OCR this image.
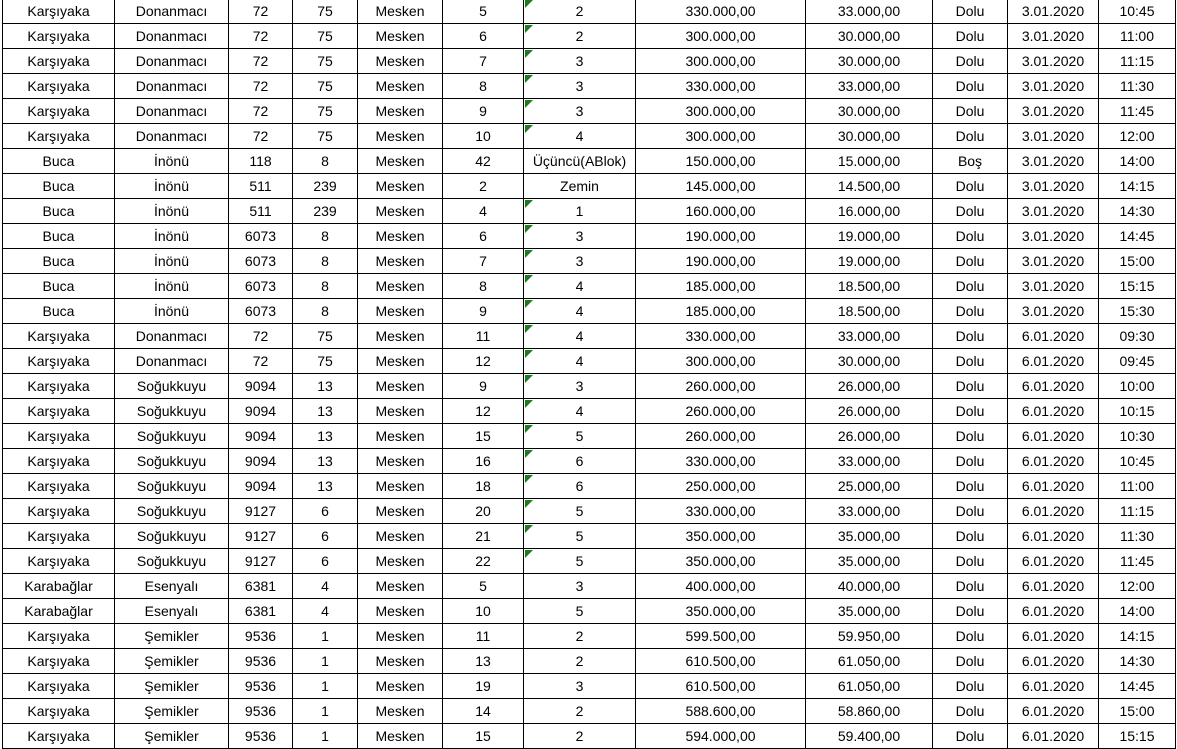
Karşıyaka	Donanmacı	72	75	Mesken	5	2	330.000,00	33.000,00	Dolu	3.01.2020	10:45
Karşıyaka	Donanmacı	72	75	Mesken	6	2	300.000,00	30.000,00	Dolu	3.01.2020	11:00
Karşıyaka	Donanmacı	72	75	Mesken	7	3	300.000,00	30.000,00	Dolu	3.01.2020	11:15
Karşıyaka	Donanmacı	72	75	Mesken	8	3	330.000,00	33.000,00	Dolu	3.01.2020	11:30
Karşıyaka	Donanmacı	72	75	Mesken	9	3	300.000,00	30.000,00	Dolu	3.01.2020	11:45
Karşıyaka	Donanmacı	72	75	Mesken	10	4	300.000,00	30.000,00	Dolu	3.01.2020	12:00
Buca	İnönü	118	8	Mesken	42	Üçüncü(ABlok)	150.000,00	15.000,00	Boş	3.01.2020	14:00
Buca	İnönü	511	239	Mesken	2	Zemin	145.000,00	14.500,00	Dolu	3.01.2020	14:15
Buca	İnönü	511	239	Mesken	4	1	160.000,00	16.000,00	Dolu	3.01.2020	14:30
Buca	İnönü	6073	8	Mesken	6	3	190.000,00	19.000,00	Dolu	3.01.2020	14:45
Buca	İnönü	6073	8	Mesken	7	3	190.000,00	19.000,00	Dolu	3.01.2020	15:00
Buca	İnönü	6073	8	Mesken	8	4	185.000,00	18.500,00	Dolu	3.01.2020	15:15
Buca	İnönü	6073	8	Mesken	9	4	185.000,00	18.500,00	Dolu	3.01.2020	15:30
Karşıyaka	Donanmacı	72	75	Mesken	11	4	330.000,00	33.000,00	Dolu	6.01.2020	09:30
Karşıyaka	Donanmacı	72	75	Mesken	12	4	300.000,00	30.000,00	Dolu	6.01.2020	09:45
Karşıyaka	Soğukkuyu	9094	13	Mesken	9	3	260.000,00	26.000,00	Dolu	6.01.2020	10:00
Karşıyaka	Soğukkuyu	9094	13	Mesken	12	4	260.000,00	26.000,00	Dolu	6.01.2020	10:15
Karşıyaka	Soğukkuyu	9094	13	Mesken	15	5	260.000,00	26.000,00	Dolu	6.01.2020	10:30
Karşıyaka	Soğukkuyu	9094	13	Mesken	16	6	330.000,00	33.000,00	Dolu	6.01.2020	10:45
Karşıyaka	Soğukkuyu	9094	13	Mesken	18	6	250.000,00	25.000,00	Dolu	6.01.2020	11:00
Karşıyaka	Soğukkuyu	9127	6	Mesken	20	5	330.000,00	33.000,00	Dolu	6.01.2020	11:15
Karşıyaka	Soğukkuyu	9127	6	Mesken	21	5	350.000,00	35.000,00	Dolu	6.01.2020	11:30
Karşıyaka	Soğukkuyu	9127	6	Mesken	22	5	350.000,00	35.000,00	Dolu	6.01.2020	11:45
Karabağlar	Esenyalı	6381	4	Mesken	5	3	400.000,00	40.000,00	Dolu	6.01.2020	12:00
Karabağlar	Esenyalı	6381	4	Mesken	10	5	350.000,00	35.000,00	Dolu	6.01.2020	14:00
Karşıyaka	Şemikler	9536	1	Mesken	11	2	599.500,00	59.950,00	Dolu	6.01.2020	14:15
Karşıyaka	Şemikler	9536	1	Mesken	13	2	610.500,00	61.050,00	Dolu	6.01.2020	14:30
Karşıyaka	Şemikler	9536	1	Mesken	19	3	610.500,00	61.050,00	Dolu	6.01.2020	14:45
Karşıyaka	Şemikler	9536	1	Mesken	14	2	588.600,00	58.860,00	Dolu	6.01.2020	15:00
Karşıyaka	Şemikler	9536	1	Mesken	15	2	594.000,00	59.400,00	Dolu	6.01.2020	15:15
